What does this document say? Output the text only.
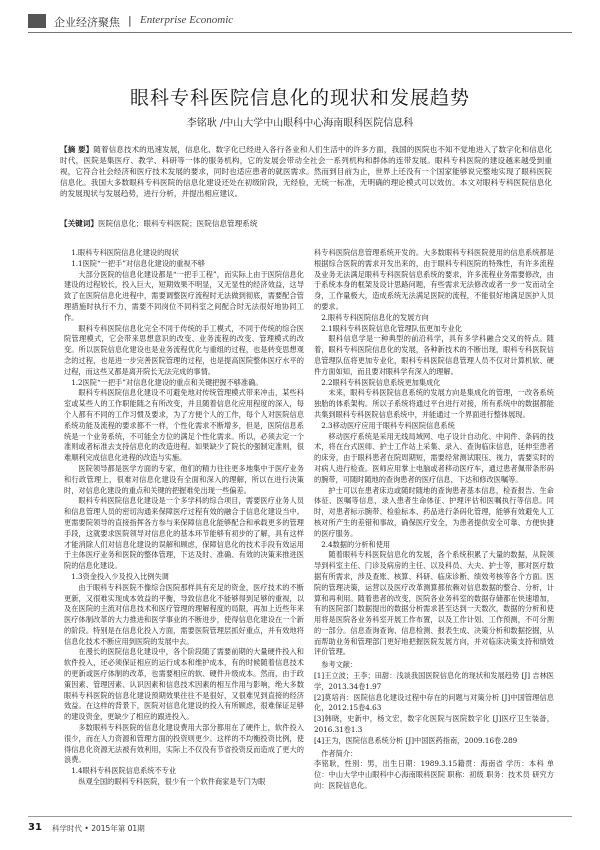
企业经济聚焦 | Enterprise Economic
眼科专科医院信息化的现状和发展趋势
李铭耿 /中山大学中山眼科中心海南眼科医院信息科
【摘 要】随着信息技术的迅速发展，信息化、数字化已经进入各行各业和人们生活中的许多方面，我国的医院也不知不觉地进入了数字化和信息化时代，医院是集医疗、教学、科研等一体的服务机构，它的发展会带动全社会一系列机构和群体的连带发展。眼科专科医院的建设越来越受到重视，它符合社会经济和医疗技术发展的要求，同时也适应患者的就医需求。然而到目前为止，世界上还没有一个国家能够说完整地实现了眼科医院信息化。我国大多数眼科专科医院的信息化建设还处在初级阶段，无经验，无统一标准，无明确的理论模式可以效仿。本文对眼科专科医院信息化的发展现状与发展趋势，进行分析，并提出相应建议。
【关键词】医院信息化；眼科专科医院；医院信息管理系统

1.眼科专科医院信息化建设的现状

1.1医院“一把手”对信息化建设的重视不够

大部分医院的信息化建设都是“一把手工程”，而实际上由于医院信息化建设的过程较长，投入巨大，短期效果不明显，又无显性的经济效益，这导致了在医院信息化进程中，需要调整医疗流程时无法做到彻底，需要配合管理措施时执行不力，需要不同岗位不同科室之间配合时无法很好地协同工作。

眼科专科医院信息化完全不同于传统的手工模式，不同于传统的综合医院管理模式，它会带来思想意识的改变、业务流程的改变、管理模式的改变。所以医院信息化建设也是业务流程优化与重组的过程，也是转变思想观念的过程，也是进一步完善医院管理的过程，也是提高医院整体医疗水平的过程，而这些又都是离开院长无法完成的事情。

1.2医院“一把手”对信息化建设的重点和关键把握不够准确。

眼科专科医院信息化建设不可避免地对传统管理模式带来冲击，某些科室或某些人的工作职能随之有所改变，并且随着信息化应用程度的深入，每个人都有不同的工作习惯及要求，为了方便个人的工作，每个人对医院信息系统功能及流程的要求都不一样，个性化需求不断增多，但是，医院信息系统是一个业务系统，不可能全方位的满足个性化需求。所以，必须去定一个准则或者标准去支持信息化的改造进程。如果缺少了院长的强制定准则，很难顺利完成信息化进程的改造与实施。

医院领导都是医学方面的专家，他们的精力往往更多地集中于医疗业务和行政管理上，很难对信息化建设有全面和深入的理解，所以在进行决策时，对信息化建设的重点和关键的把握难免出现一些偏差。

眼科专科医院信息化建设是一个多学科的综合项目，需要医疗业务人员和信息管理人员的密切沟通来保障医疗过程有效的融合于信息化建设当中。更需要院领导的直接指挥各方参与来保障信息化能够配合和承载更多的管理手段，这就要求医院领导对信息化的基本环节能够有初步的了解，具有这样才能消除人们对信息化建设的误解和顾虑，保障信息化的技术手段有效运用于主体医疗业务和医院的整体管理，下达及时、准确、有效的决策来推进医院的信息化建设。

1.3资金投入少及投入比例失调

由于眼科专科医院不像综合医院那样具有充足的资金，医疗技术的不断更新，又很难实现成本效益的平衡，导致信息化不能够得到足够的重视，以及在医院的主流对信息技术和医疗管理的理解程度的局限，再加上近些年来医疗体制改革的大力推进和医学事业的不断进步，使得信息化建设在一个新的阶段。特别是在信息化投入方面，需要医院管理层抓好重点，并有效地将信息化技术不断应用到医院的发展中去。

在漫长的医院信息化建设中，各个阶段随了需要前期的大量硬件投入和软件投入，还必须保证相应的运行成本和维护成本，有的时候随着信息技术的更新或医疗体制的改革，也需要相应的软、硬件升级成本。然而，由于政策因素、管理因素、认识因素和信息技术因素的相互作用与影响，绝大多数眼科专科医院的信息化建设预期效果往往不是很好，又很难见到直接的经济效益。在这样的背景下，医院对信息化建设的投入有所顾虑，很难保证足够的建设资金，更缺少了相应的跟进投入。

多数眼科专科医院的信息化建设费用大部分都用在了硬件上，软件投入很少，而在人力资源和管理方面的投资则更少。这样的不均衡投资比例，使得信息化资源无法被有效利用，实际上不仅没有节省投资反而造成了更大的浪费。

1.4眼科专科医院信息系统不专业

纵观全国的眼科专科医院，很少有一个软件商家是专门为眼

科专科医院信息管理系统开发的。大多数眼科专科医院使用的信息系统都是根据综合医院的需求开发出来的，由于眼科专科医院的特殊性，有许多流程及业务无法满足眼科专科医院信息系统的要求，许多流程业务需要修改，由于系统本身的框架及设计思路问题，有些需求无法修改或者一步一发而动全身，工作量极大，造成系统无法满足医院的流程，不能很好地满足医护人员的要求。

2.眼科专科医院信息化的发展方向

2.1眼科专科医院信息化管理队伍更加专业化

眼科信息学是一种典型的前沿科学，具有多学科融合交叉的特点。随着，眼科专科医院信息化的发展，各种新技术的不断出现，眼科专科医院信息管理队伍将更加专业化，眼科专科医院信息管理人员不仅对计算机软、硬件方面如知，而且要对眼科学有深入的理解。

2.2眼科专科医院信息系统更加集成化

未来，眼科专科医院信息系统的发展方向是集成化的管理，一改各系统独胎的体系架构。所以子系统将通过平台进行对接，所有系统中的数据都能共集到眼科专科医院信息系统中，并能通过一个界面进行整体展现。

2.3移动医疗应用于眼科专科医院信息系统

移动医疗系统是采用无线局域网、电子设计自动化、中间件、条码的技术，将在台式医师、护士工作站上采集、录入、查询临床信息，延伸至患者的床旁，由于眼科患者在院周期短，需要经常测试眼压、视力，需要实时的对病人进行检查。医师应用掌上电脑或者移动医疗车，通过患者佩带条形码的腕带，可随时随地的查询患者的医疗信息，下达和修改医嘱等。

护士可以在患者床边或随时随地的查询患者基本信息，检查报告、生命体征、医嘱等信息，录入患者生命体征、护理评估和医嘱执行等信息。同时，对患者标示腕带、检验标本、药品进行条码化管理，能够有效避免人工核对所产生的差错和事故，确保医疗安全，为患者提供安全可靠、方便快捷的医疗服务。

2.4数据的分析和使用

随着眼科专科医院信息化的发展，各个系统积累了大量的数据，从院领导到科室主任、门诊及病房的主任、以及科员、大夫、护士等，都对医疗数据有所需求，涉及查账、核算、科研、临床诊断、绩效考核等各个方面。医院的管理决策，运营以及医疗改革测算都依赖对信息数据的整合、分析，计算和再利用。随着患者的改变，医院各业务科室的数据存储都在快速增加，有的医院部门数据提出的数据分析需求甚至达到一天数次，数据的分析和使用将是医院各业务科室开展工作布置，以及工作计划、工作预测，不可分割的一部分。信息查询查询、信息检测、报表生成、决策分析和数据挖掘，从而帮助业务和管理部门更好地把握医院发展方向，并对临床决策支持和绩效评价管理。

参考文献：

[1]王立波；王李；田甜：浅谈我国医院信息化的现状和发展趋势 [J] 吉林医学，2013.34卷1.97

[2]莫培肖：医院信息化建设过程中存在的问题与对策分析 [J]中国管理信息化，2012.15卷4.63

[3]韩晓，史新中，杨文宏，数字化医院与医院数字化 [J]医疗卫生装备，2016.31卷1.3

[4]王为，医院信息系统分析 [J]中国医药指南，2009.16卷.289

作者简介：

李铭耿，性别：男，出生日期：1989.3.15籍贯：海南省 学历：本科 单位：中山大学中山眼科中心海南眼科医院 职称：初级 职务：技术员 研究方向：医院信息化。

31 科学时代 • 2015年第 01期
